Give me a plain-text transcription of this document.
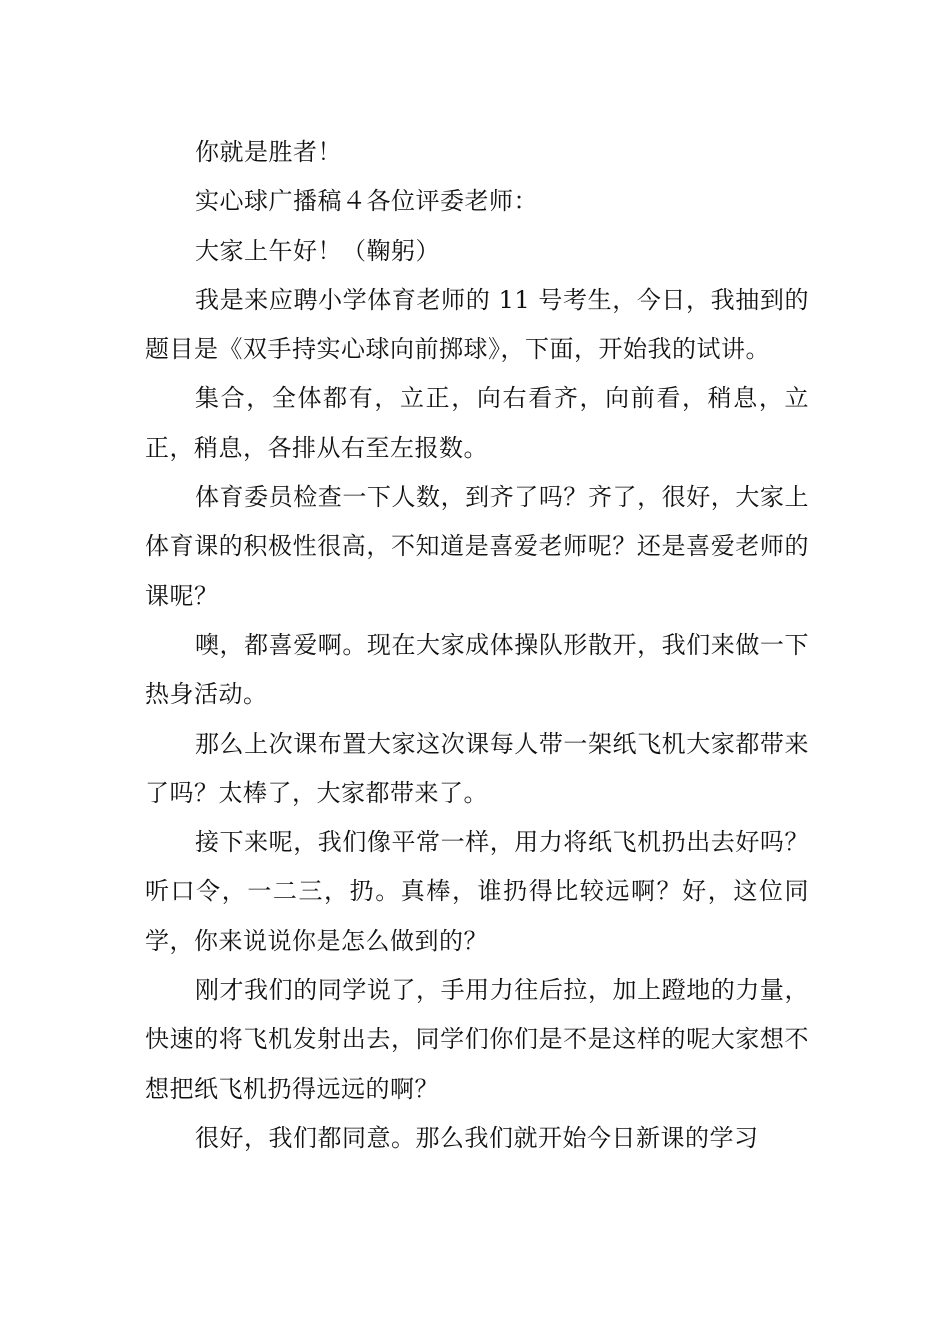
你就是胜者！

实心球广播稿４各位评委老师：

大家上午好！（鞠躬）

我是来应聘小学体育老师的 11 号考生，今日，我抽到的题目是《双手持实心球向前掷球》，下面，开始我的试讲。

集合，全体都有，立正，向右看齐，向前看，稍息，立正，稍息，各排从右至左报数。

体育委员检查一下人数，到齐了吗？齐了，很好，大家上体育课的积极性很高，不知道是喜爱老师呢？还是喜爱老师的课呢？

噢，都喜爱啊。现在大家成体操队形散开，我们来做一下热身活动。

那么上次课布置大家这次课每人带一架纸飞机大家都带来了吗？太棒了，大家都带来了。

接下来呢，我们像平常一样，用力将纸飞机扔出去好吗？听口令，一二三，扔。真棒，谁扔得比较远啊？好，这位同学，你来说说你是怎么做到的？

刚才我们的同学说了，手用力往后拉，加上蹬地的力量，快速的将飞机发射出去，同学们你们是不是这样的呢大家想不想把纸飞机扔得远远的啊？

很好，我们都同意。那么我们就开始今日新课的学习
